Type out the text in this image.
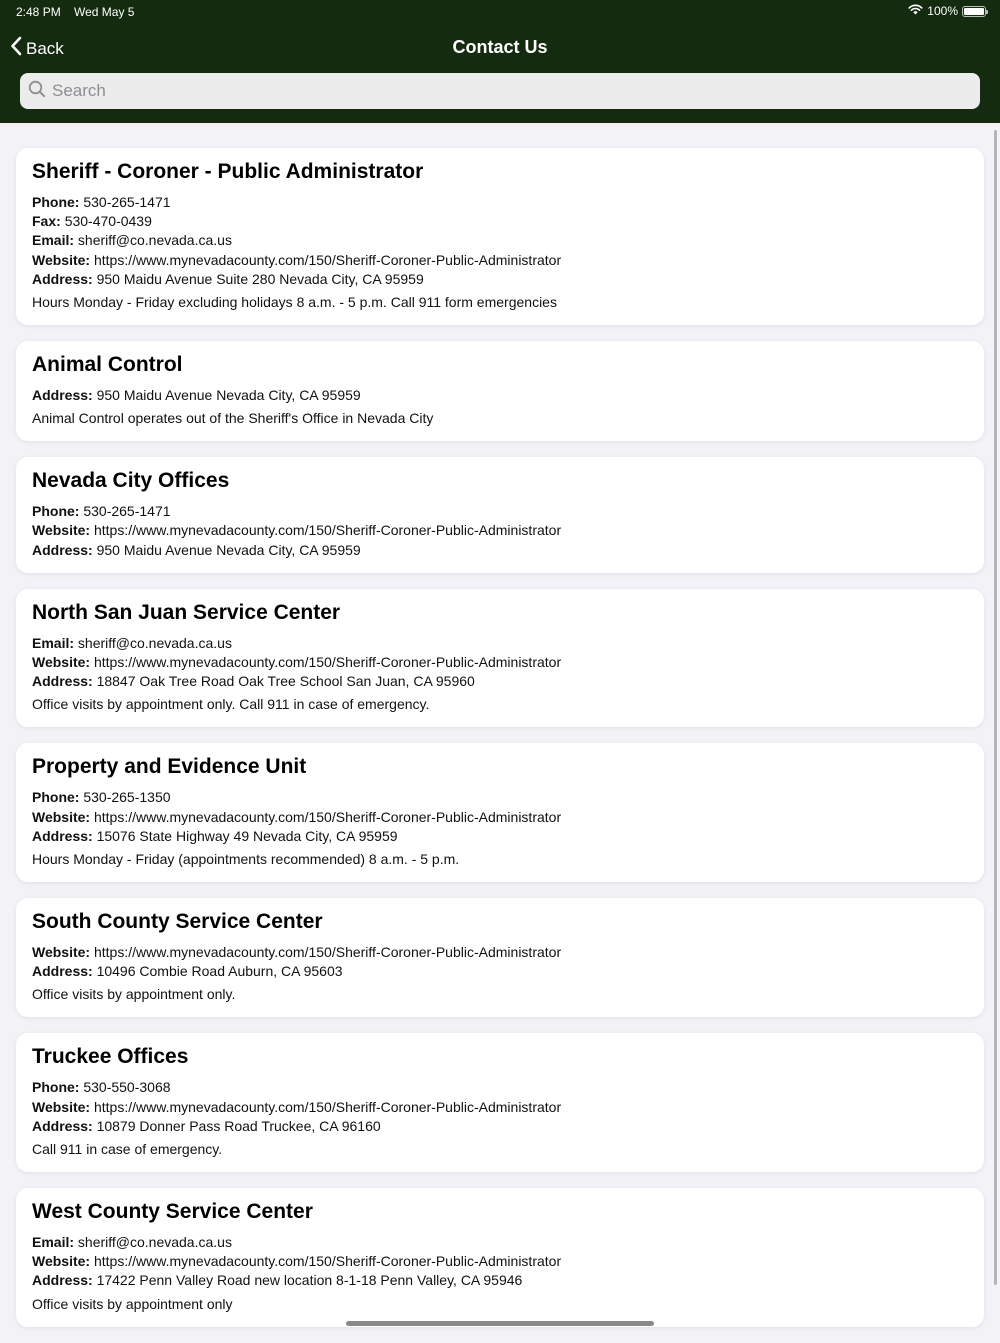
2:48 PM Wed May 5	100%
Back	Contact Us
Search
Sheriff - Coroner - Public Administrator
Phone: 530-265-1471
Fax: 530-470-0439
Email: sheriff@co.nevada.ca.us
Website: https://www.mynevadacounty.com/150/Sheriff-Coroner-Public-Administrator
Address: 950 Maidu Avenue Suite 280 Nevada City, CA 95959
Hours Monday - Friday excluding holidays 8 a.m. - 5 p.m. Call 911 form emergencies
Animal Control
Address: 950 Maidu Avenue Nevada City, CA 95959
Animal Control operates out of the Sheriff's Office in Nevada City
Nevada City Offices
Phone: 530-265-1471
Website: https://www.mynevadacounty.com/150/Sheriff-Coroner-Public-Administrator
Address: 950 Maidu Avenue Nevada City, CA 95959
North San Juan Service Center
Email: sheriff@co.nevada.ca.us
Website: https://www.mynevadacounty.com/150/Sheriff-Coroner-Public-Administrator
Address: 18847 Oak Tree Road Oak Tree School San Juan, CA 95960
Office visits by appointment only. Call 911 in case of emergency.
Property and Evidence Unit
Phone: 530-265-1350
Website: https://www.mynevadacounty.com/150/Sheriff-Coroner-Public-Administrator
Address: 15076 State Highway 49 Nevada City, CA 95959
Hours Monday - Friday (appointments recommended) 8 a.m. - 5 p.m.
South County Service Center
Website: https://www.mynevadacounty.com/150/Sheriff-Coroner-Public-Administrator
Address: 10496 Combie Road Auburn, CA 95603
Office visits by appointment only.
Truckee Offices
Phone: 530-550-3068
Website: https://www.mynevadacounty.com/150/Sheriff-Coroner-Public-Administrator
Address: 10879 Donner Pass Road Truckee, CA 96160
Call 911 in case of emergency.
West County Service Center
Email: sheriff@co.nevada.ca.us
Website: https://www.mynevadacounty.com/150/Sheriff-Coroner-Public-Administrator
Address: 17422 Penn Valley Road new location 8-1-18 Penn Valley, CA 95946
Office visits by appointment only
